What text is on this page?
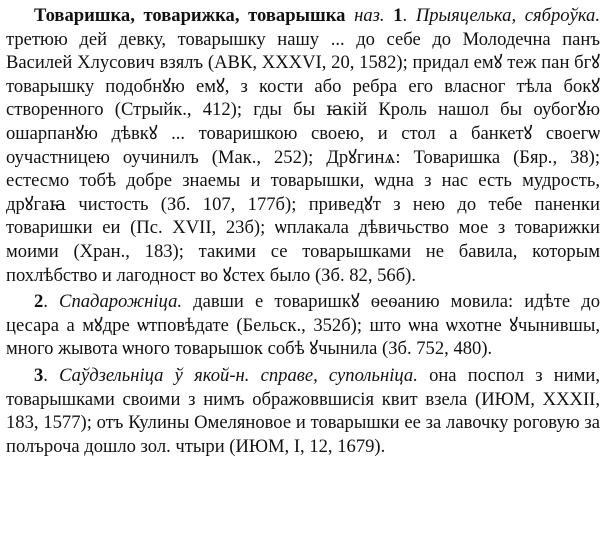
Товаришка, товарижка, товарышка наз. 1. Прыяцелька, сяброўка. третюю дей девку, товарышку нашу ... до себе до Молодечна панъ Василей Хлусович взялъ (АВК, XXXVI, 20, 1582); придал емꙋ теж пан бгꙋ товарышку подобнꙋю емꙋ, з кости або ребра его власног тѣла бокꙋ створенного (Стрыйк., 412); гды бы ꙗкiй Кроль нашол бы оубогꙋю ошарпанꙋю дѣвкꙋ ... товаришкою своею, и стол а банкетꙋ своегѡ оучастницею оучинилъ (Мак., 252); Дрꙋгинѧ: Товаришка (Бяр., 38); естесмо тобѣ добре знаемы и товарышки, ѡдна з нас есть мудрость, дрꙋгаꙗ чистость (Зб. 107, 177б); приведꙋт з нею до тебе паненки товаришки еи (Пс. XVII, 23б); ѡплакала дѣвичьство мое з товарижки моими (Хран., 183); такими се товарышками не бавила, которым похлѣбство и лагодност во ꙋстех было (Зб. 82, 56б).

2. Спадарожніца. давши е товаришкꙋ ѳеѳанию мовила: идѣте до цесара а мꙋдре ѡтповѣдате (Бельск., 352б); што ѡна ѡхотне ꙋчынившы, много жывота ѡного товарышок собѣ ꙋчынила (Зб. 752, 480).

3. Саўдзельніца ў якой-н. справе, супольніца. она поспол з ними, товарышками своими з нимъ ображоввшисiя квит взела (ИЮМ, XXXII, 183, 1577); отъ Кулины Омеляновое и товарышки ее за лавочку роговую за полъроча дошло зол. чтыри (ИЮМ, I, 12, 1679).
